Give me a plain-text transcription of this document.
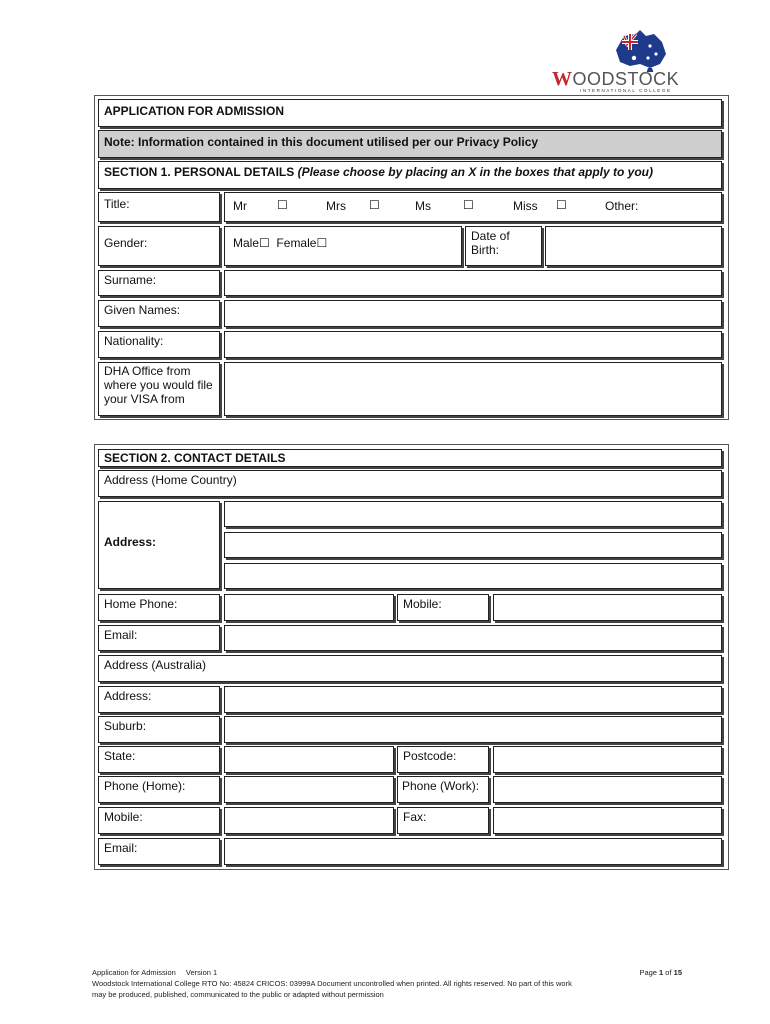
WOODSTOCK
INTERNATIONAL COLLEGE
APPLICATION FOR ADMISSION
Note: Information contained in this document utilised per our Privacy Policy
SECTION 1. PERSONAL DETAILS (Please choose by placing an X in the boxes that apply to you)
Title:	Mr	☐	Mrs ☐	Ms	☐	Miss ☐	Other:
Gender:	Male☐  Female☐	Date of
Birth:
Surname:
Given Names:
Nationality:
DHA Office from where you would file your VISA from
SECTION 2. CONTACT DETAILS
Address (Home Country)
Address:
Home Phone:	Mobile:
Email:
Address (Australia)
Address:
Suburb:
State:	Postcode:
Phone (Home):	Phone (Work):
Mobile:	Fax:
Email:
Application for Admission Version 1	Page 1 of 15
Woodstock International College RTO No: 45824 CRICOS: 03999A Document uncontrolled when printed. All rights reserved. No part of this work
may be produced, published, communicated to the public or adapted without permission
